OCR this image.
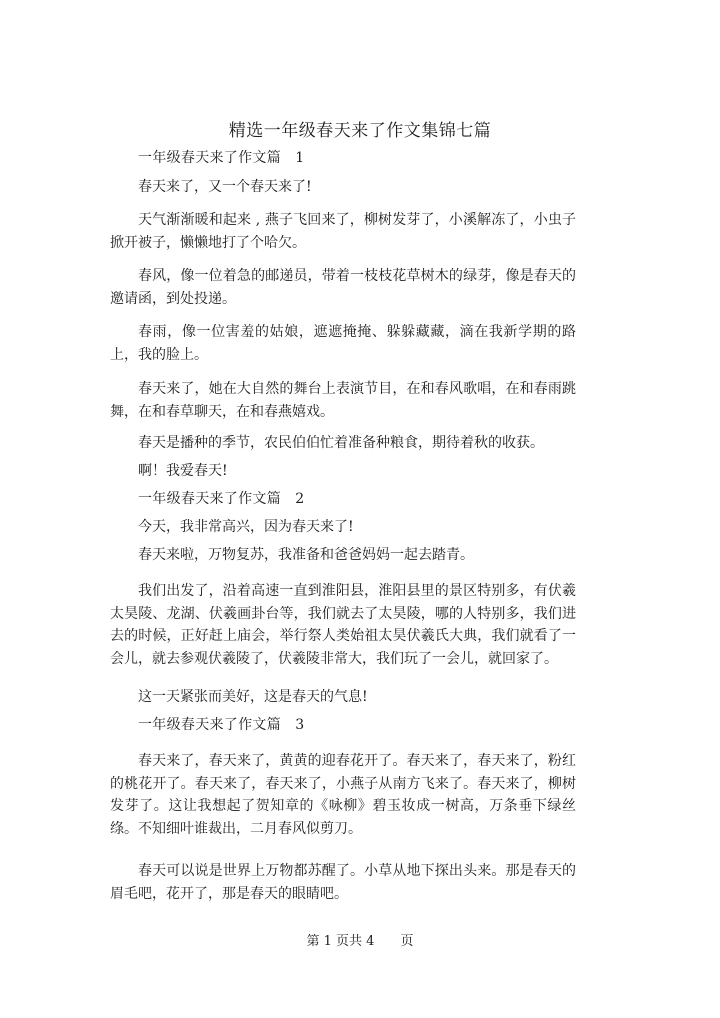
精选一年级春天来了作文集锦七篇

一年级春天来了作文篇　1

春天来了，又一个春天来了!

天气渐渐暖和起来 , 燕子飞回来了，柳树发芽了，小溪解冻了，小虫子掀开被子，懒懒地打了个哈欠。

春风，像一位着急的邮递员，带着一枝枝花草树木的绿芽，像是春天的邀请函，到处投递。

春雨，像一位害羞的姑娘，遮遮掩掩、躲躲藏藏，滴在我新学期的路上，我的脸上。

春天来了，她在大自然的舞台上表演节目，在和春风歌唱，在和春雨跳舞，在和春草聊天，在和春燕嬉戏。

春天是播种的季节，农民伯伯忙着准备种粮食，期待着秋的收获。

啊！我爱春天!

一年级春天来了作文篇　2

今天，我非常高兴，因为春天来了!

春天来啦，万物复苏，我准备和爸爸妈妈一起去踏青。

我们出发了，沿着高速一直到淮阳县，淮阳县里的景区特别多，有伏羲太昊陵、龙湖、伏羲画卦台等，我们就去了太昊陵，哪的人特别多，我们进去的时候，正好赶上庙会，举行祭人类始祖太昊伏羲氏大典，我们就看了一会儿，就去参观伏羲陵了，伏羲陵非常大，我们玩了一会儿，就回家了。

这一天紧张而美好，这是春天的气息!

一年级春天来了作文篇　3

春天来了，春天来了，黄黄的迎春花开了。春天来了，春天来了，粉红的桃花开了。春天来了，春天来了，小燕子从南方飞来了。春天来了，柳树发芽了。这让我想起了贺知章的《咏柳》碧玉妆成一树高，万条垂下绿丝绦。不知细叶谁裁出，二月春风似剪刀。

春天可以说是世界上万物都苏醒了。小草从地下探出头来。那是春天的眉毛吧，花开了，那是春天的眼睛吧。

第 1 页共 4　　页
